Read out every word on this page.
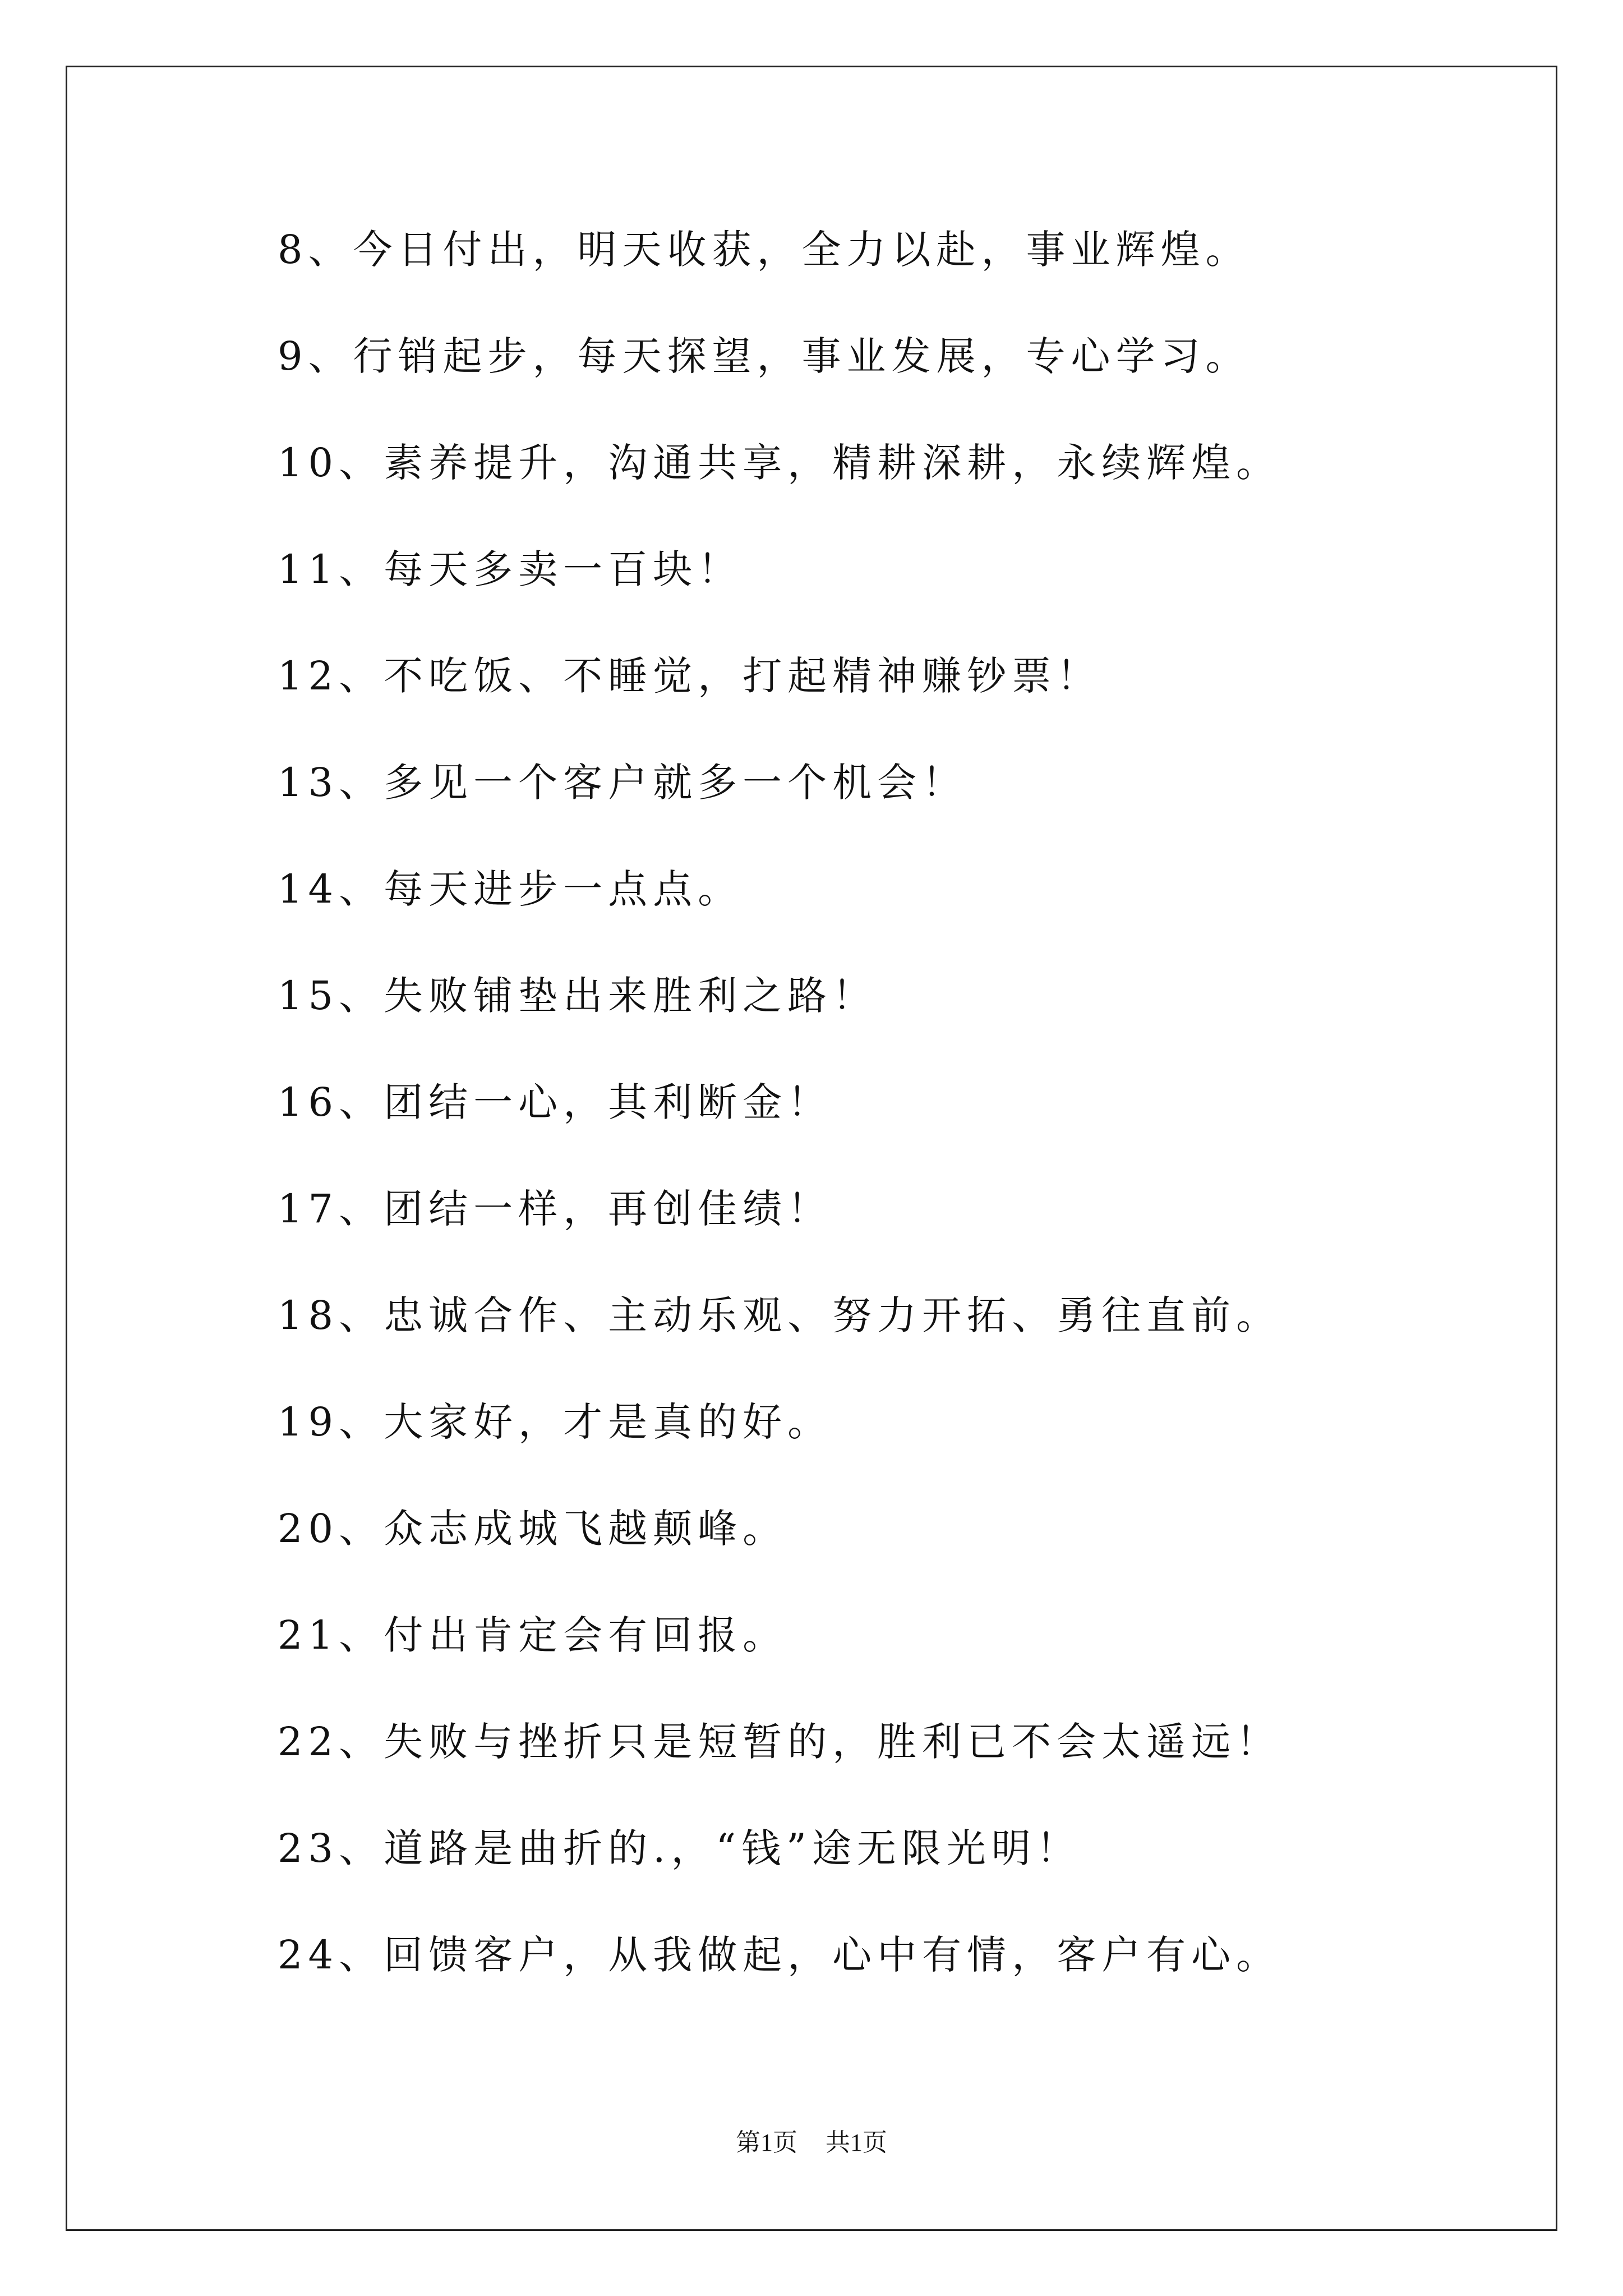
8、今日付出，明天收获，全力以赴，事业辉煌。
9、行销起步，每天探望，事业发展，专心学习。
10、素养提升，沟通共享，精耕深耕，永续辉煌。
11、每天多卖一百块！
12、不吃饭、不睡觉，打起精神赚钞票！
13、多见一个客户就多一个机会！
14、每天进步一点点。
15、失败铺垫出来胜利之路！
16、团结一心，其利断金！
17、团结一样，再创佳绩！
18、忠诚合作、主动乐观、努力开拓、勇往直前。
19、大家好，才是真的好。
20、众志成城飞越颠峰。
21、付出肯定会有回报。
22、失败与挫折只是短暂的，胜利已不会太遥远！
23、道路是曲折的.，“钱”途无限光明！
24、回馈客户，从我做起，心中有情，客户有心。
第1页 共1页
